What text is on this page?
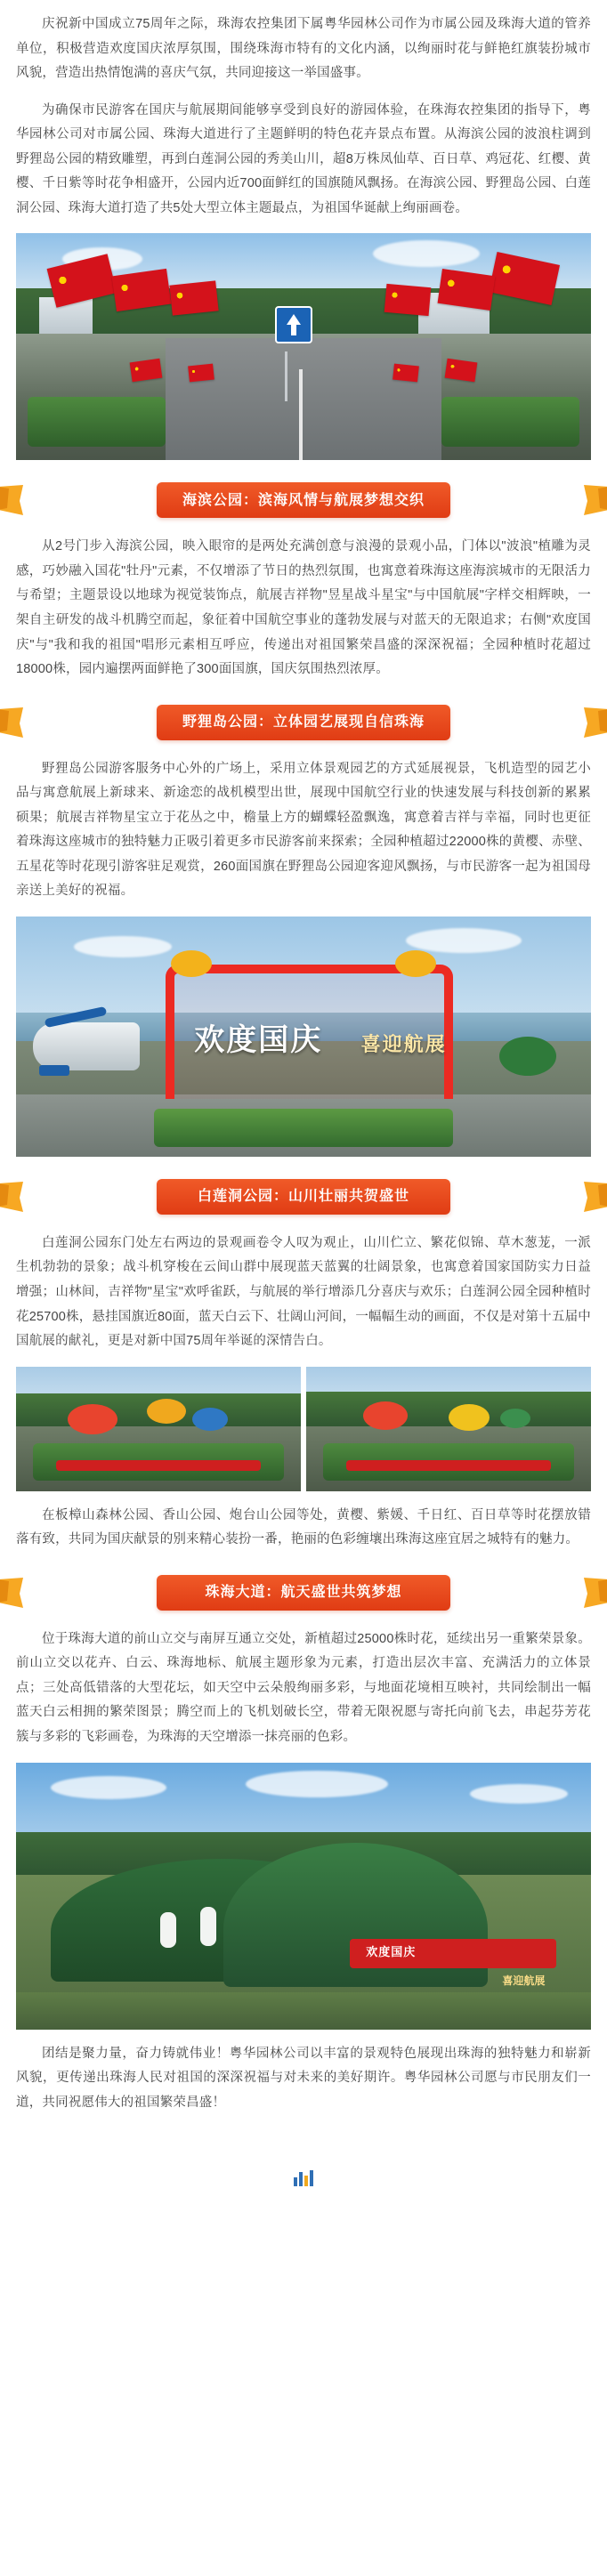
庆祝新中国成立75周年之际，珠海农控集团下属粤华园林公司作为市属公园及珠海大道的管养单位，积极营造欢度国庆浓厚氛围，围绕珠海市特有的文化内涵，以绚丽时花与鲜艳红旗装扮城市风貌，营造出热情饱满的喜庆气氛，共同迎接这一举国盛事。

为确保市民游客在国庆与航展期间能够享受到良好的游园体验，在珠海农控集团的指导下，粤华园林公司对市属公园、珠海大道进行了主题鲜明的特色花卉景点布置。从海滨公园的波浪柱调到野狸岛公园的精致雕塑，再到白莲洞公园的秀美山川，超8万株凤仙草、百日草、鸡冠花、红樱、黄樱、千日紫等时花争相盛开，公园内近700面鲜红的国旗随风飘扬。在海滨公园、野狸岛公园、白莲洞公园、珠海大道打造了共5处大型立体主题最点，为祖国华诞献上绚丽画卷。

海滨公园：滨海风情与航展梦想交织

从2号门步入海滨公园，映入眼帘的是两处充满创意与浪漫的景观小品，门体以"波浪"植雕为灵感，巧妙融入国花"牡丹"元素，不仅增添了节日的热烈氛围，也寓意着珠海这座海滨城市的无限活力与希望；主题景设以地球为视觉装饰点，航展吉祥物"昱星战斗星宝"与中国航展"字样交相辉映，一架自主研发的战斗机腾空而起，象征着中国航空事业的蓬勃发展与对蓝天的无限追求；右侧"欢度国庆"与"我和我的祖国"唱形元素相互呼应，传递出对祖国繁荣昌盛的深深祝福；全园种植时花超过18000株，园内遍摆两面鲜艳了300面国旗，国庆氛围热烈浓厚。

野狸岛公园：立体园艺展现自信珠海

野狸岛公园游客服务中心外的广场上，采用立体景观园艺的方式延展视景，飞机造型的园艺小品与寓意航展上新球来、新途恋的战机模型出世，展现中国航空行业的快速发展与科技创新的累累硕果；航展吉祥物星宝立于花丛之中，檐量上方的蝴蝶轻盈飘逸，寓意着吉祥与幸福，同时也更征着珠海这座城市的独特魅力正吸引着更多市民游客前来探索；全园种植超过22000株的黄樱、赤壁、五星花等时花现引游客驻足观赏，260面国旗在野狸岛公园迎客迎风飘扬，与市民游客一起为祖国母亲送上美好的祝福。

欢度国庆 喜迎航展
白莲洞公园：山川壮丽共贺盛世

白莲洞公园东门处左右两边的景观画卷令人叹为观止，山川伫立、繁花似锦、草木葱茏，一派生机勃勃的景象；战斗机穿梭在云间山群中展现蓝天蓝翼的壮阔景象，也寓意着国家国防实力日益增强；山林间，吉祥物"星宝"欢呼雀跃，与航展的举行增添几分喜庆与欢乐；白莲洞公园全园种植时花25700株，悬挂国旗近80面，蓝天白云下、壮阔山河间，一幅幅生动的画面，不仅是对第十五届中国航展的献礼，更是对新中国75周年举诞的深情告白。

在板樟山森林公园、香山公园、炮台山公园等处，黄樱、紫媛、千日红、百日草等时花摆放错落有致，共同为国庆献景的别来精心装扮一番，艳丽的色彩缠壤出珠海这座宜居之城特有的魅力。

珠海大道：航天盛世共筑梦想

位于珠海大道的前山立交与南屏互通立交处，新植超过25000株时花，延续出另一重繁荣景象。前山立交以花卉、白云、珠海地标、航展主题形象为元素，打造出层次丰富、充满活力的立体景点；三处高低错落的大型花坛，如天空中云朵般绚丽多彩，与地面花境相互映衬，共同绘制出一幅蓝天白云相拥的繁荣图景；腾空而上的飞机划破长空，带着无限祝愿与寄托向前飞去，串起芬芳花簇与多彩的飞彩画卷，为珠海的天空增添一抹亮丽的色彩。

欢度国庆
喜迎航展

团结是聚力量，奋力铸就伟业！粤华园林公司以丰富的景观特色展现出珠海的独特魅力和崭新风貌，更传递出珠海人民对祖国的深深祝福与对未来的美好期许。粤华园林公司愿与市民朋友们一道，共同祝愿伟大的祖国繁荣昌盛！
